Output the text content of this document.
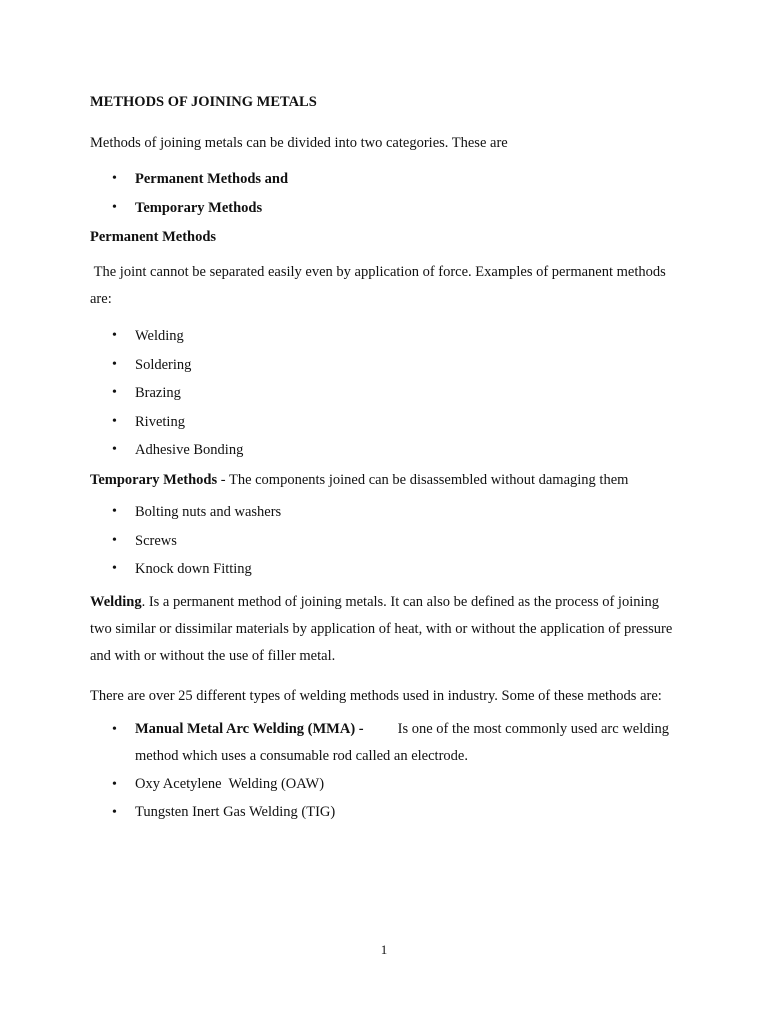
METHODS OF JOINING METALS

Methods of joining metals can be divided into two categories. These are

• Permanent Methods and
• Temporary Methods
Permanent Methods

The joint cannot be separated easily even by application of force. Examples of permanent methods are:

• Welding
• Soldering
• Brazing
• Riveting
• Adhesive Bonding

Temporary Methods - The components joined can be disassembled without damaging them

• Bolting nuts and washers
• Screws
• Knock down Fitting

Welding. Is a permanent method of joining metals. It can also be defined as the process of joining two similar or dissimilar materials by application of heat, with or without the application of pressure and with or without the use of filler metal.

There are over 25 different types of welding methods used in industry. Some of these methods are:

• Manual Metal Arc Welding (MMA) - Is one of the most commonly used arc welding method which uses a consumable rod called an electrode.
• Oxy Acetylene  Welding (OAW)
• Tungsten Inert Gas Welding (TIG)
1
